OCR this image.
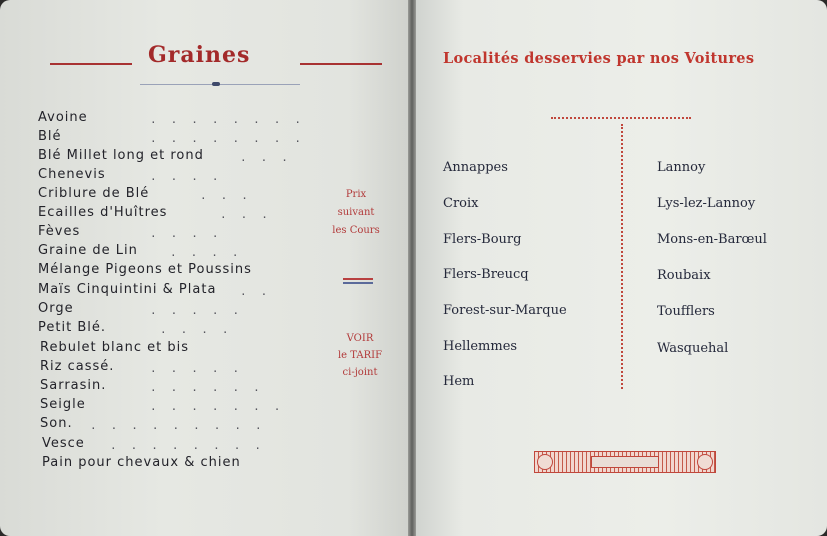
Graines
Avoine
Blé
Blé Millet long et rond
Chenevis
Criblure de Blé
Ecailles d'Huîtres
Fèves
Graine de Lin
Mélange Pigeons et Poussins
Maïs Cinquintini & Plata
Orge
Petit Blé.
Rebulet blanc et bis
Riz cassé.
Sarrasin.
Seigle
Son.
Vesce
Pain pour chevaux & chien
........
........
...
....
...
...
....
....
..
.....
....
.....
......
.......
.........
........
Prix
suivant
les Cours
VOIR
le TARIF
ci-joint
Localités desservies par nos Voitures
Annappes
Croix
Flers-Bourg
Flers-Breucq
Forest-sur-Marque
Hellemmes
Hem
Lannoy
Lys-lez-Lannoy
Mons-en-Barœul
Roubaix
Toufflers
Wasquehal
